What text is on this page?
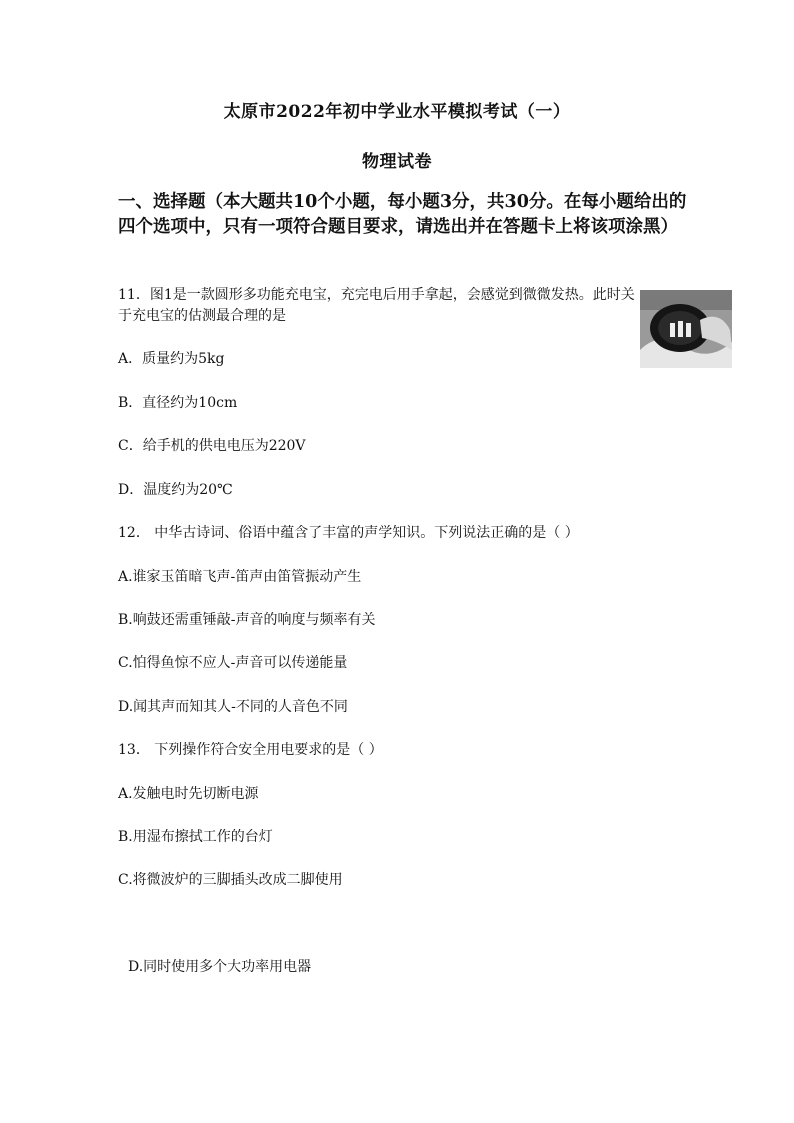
太原市2022年初中学业水平模拟考试（一）
物理试卷
一、选择题（本大题共10个小题，每小题3分，共30分。在每小题给出的四个选项中，只有一项符合题目要求，请选出并在答题卡上将该项涂黑）
11．图1是一款圆形多功能充电宝，充完电后用手拿起，会感觉到微微发热。此时关于充电宝的估测最合理的是
A．质量约为5kg
B．直径约为10cm
C．给手机的供电电压为220V
D．温度约为20℃
12． 中华古诗词、俗语中蕴含了丰富的声学知识。下列说法正确的是（ ）
A.谁家玉笛暗飞声-笛声由笛管振动产生
B.响鼓还需重锤敲-声音的响度与频率有关
C.怕得鱼惊不应人-声音可以传递能量
D.闻其声而知其人-不同的人音色不同
13． 下列操作符合安全用电要求的是（ ）
A.发触电时先切断电源
B.用湿布擦拭工作的台灯
C.将微波炉的三脚插头改成二脚使用
D.同时使用多个大功率用电器
